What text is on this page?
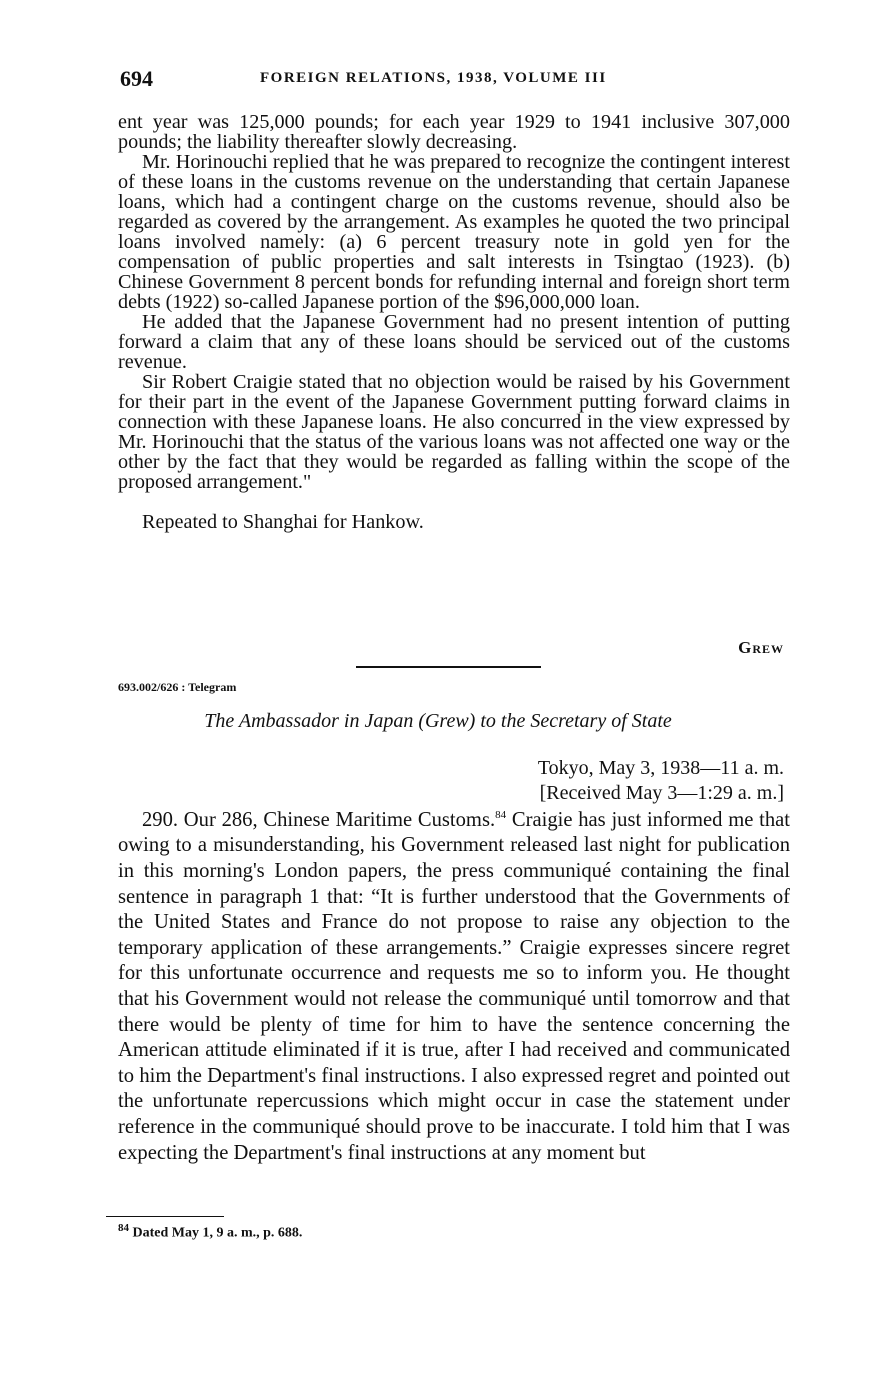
694	FOREIGN RELATIONS, 1938, VOLUME III

ent year was 125,000 pounds; for each year 1929 to 1941 inclusive 307,000 pounds; the liability thereafter slowly decreasing.

Mr. Horinouchi replied that he was prepared to recognize the contingent interest of these loans in the customs revenue on the understanding that certain Japanese loans, which had a contingent charge on the customs revenue, should also be regarded as covered by the arrangement. As examples he quoted the two principal loans involved namely: (a) 6 percent treasury note in gold yen for the compensation of public properties and salt interests in Tsingtao (1923). (b) Chinese Government 8 percent bonds for refunding internal and foreign short term debts (1922) so-called Japanese portion of the $96,000,000 loan.

He added that the Japanese Government had no present intention of putting forward a claim that any of these loans should be serviced out of the customs revenue.

Sir Robert Craigie stated that no objection would be raised by his Government for their part in the event of the Japanese Government putting forward claims in connection with these Japanese loans. He also concurred in the view expressed by Mr. Horinouchi that the status of the various loans was not affected one way or the other by the fact that they would be regarded as falling within the scope of the proposed arrangement."

Repeated to Shanghai for Hankow.

Grew
693.002/626 : Telegram
The Ambassador in Japan (Grew) to the Secretary of State
Tokyo, May 3, 1938—11 a. m.
[Received May 3—1:29 a. m.]

290. Our 286, Chinese Maritime Customs.$^{84}$ Craigie has just informed me that owing to a misunderstanding, his Government released last night for publication in this morning's London papers, the press communiqué containing the final sentence in paragraph 1 that: “It is further understood that the Governments of the United States and France do not propose to raise any objection to the temporary application of these arrangements.” Craigie expresses sincere regret for this unfortunate occurrence and requests me so to inform you. He thought that his Government would not release the communiqué until tomorrow and that there would be plenty of time for him to have the sentence concerning the American attitude eliminated if it is true, after I had received and communicated to him the Department's final instructions. I also expressed regret and pointed out the unfortunate repercussions which might occur in case the statement under reference in the communiqué should prove to be inaccurate. I told him that I was expecting the Department's final instructions at any moment but

$^{84}$ Dated May 1, 9 a. m., p. 688.
